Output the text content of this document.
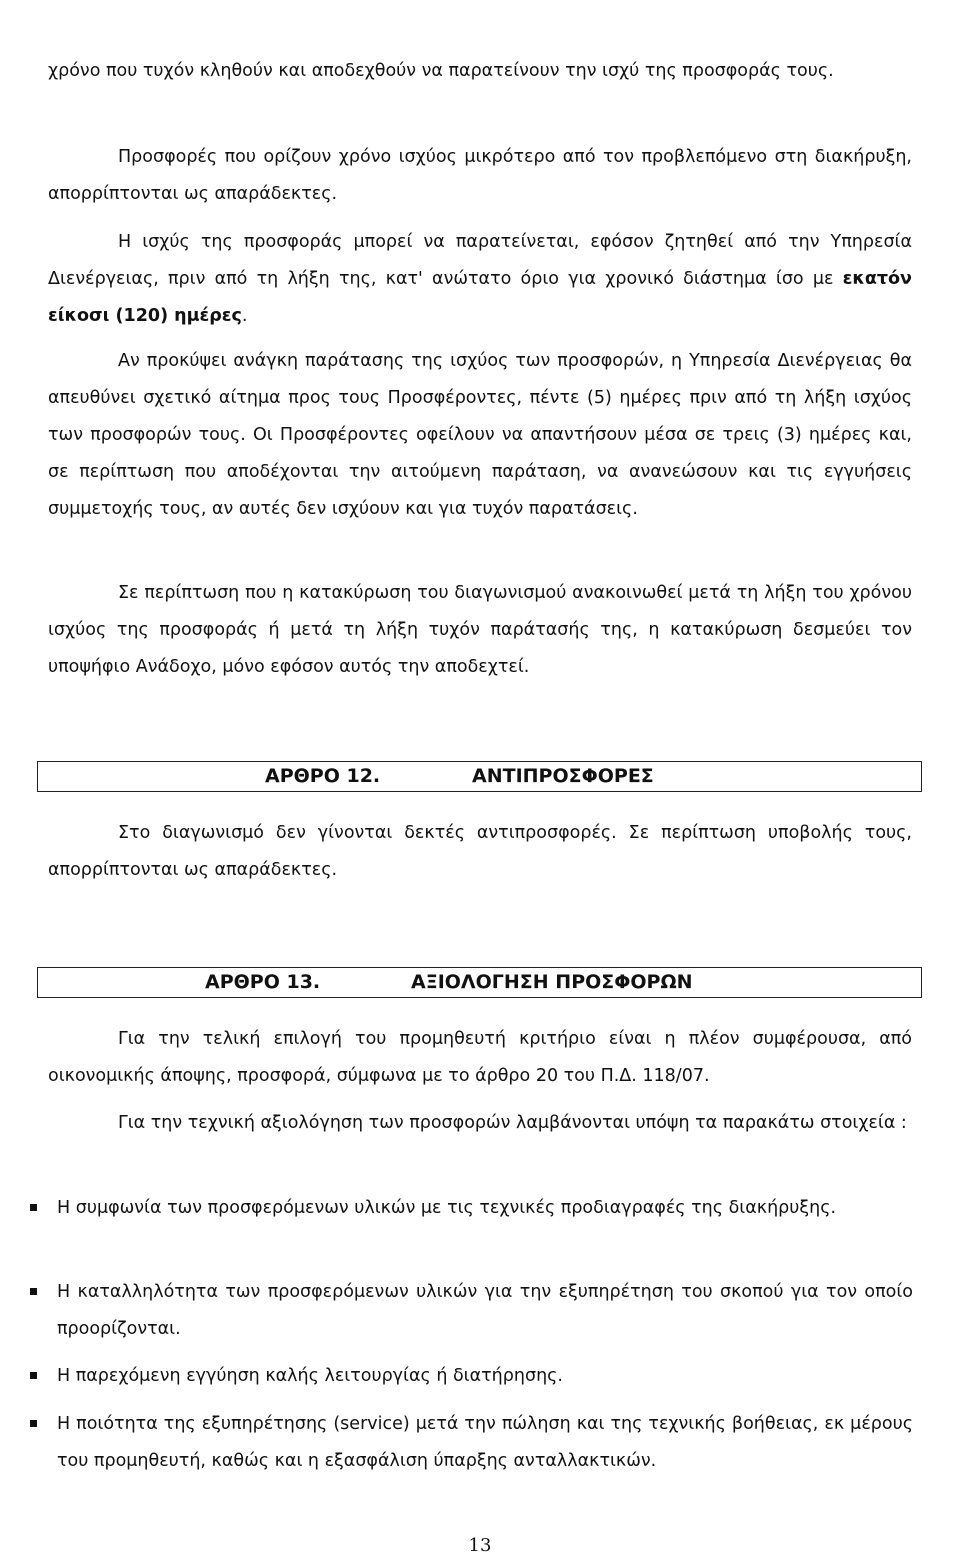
χρόνο που τυχόν κληθούν και αποδεχθούν να παρατείνουν την ισχύ της προσφοράς τους.

Προσφορές που ορίζουν χρόνο ισχύος μικρότερο από τον προβλεπόμενο στη διακήρυξη, απορρίπτονται ως απαράδεκτες.

Η ισχύς της προσφοράς μπορεί να παρατείνεται, εφόσον ζητηθεί από την Υπηρεσία Διενέργειας, πριν από τη λήξη της, κατ' ανώτατο όριο για χρονικό διάστημα ίσο με εκατόν είκοσι (120) ημέρες.

Αν προκύψει ανάγκη παράτασης της ισχύος των προσφορών, η Υπηρεσία Διενέργειας θα απευθύνει σχετικό αίτημα προς τους Προσφέροντες, πέντε (5) ημέρες πριν από τη λήξη ισχύος των προσφορών τους. Οι Προσφέροντες οφείλουν να απαντήσουν μέσα σε τρεις (3) ημέρες και, σε περίπτωση που αποδέχονται την αιτούμενη παράταση, να ανανεώσουν και τις εγγυήσεις συμμετοχής τους, αν αυτές δεν ισχύουν και για τυχόν παρατάσεις.

Σε περίπτωση που η κατακύρωση του διαγωνισμού ανακοινωθεί μετά τη λήξη του χρόνου ισχύος της προσφοράς ή μετά τη λήξη τυχόν παράτασής της, η κατακύρωση δεσμεύει τον υποψήφιο Ανάδοχο, μόνο εφόσον αυτός την αποδεχτεί.

ΑΡΘΡΟ 12.	ΑΝΤΙΠΡΟΣΦΟΡΕΣ

Στο διαγωνισμό δεν γίνονται δεκτές αντιπροσφορές. Σε περίπτωση υποβολής τους, απορρίπτονται ως απαράδεκτες.

ΑΡΘΡΟ 13.	ΑΞΙΟΛΟΓΗΣΗ ΠΡΟΣΦΟΡΩΝ

Για την τελική επιλογή του προμηθευτή κριτήριο είναι η πλέον συμφέρουσα, από οικονομικής άποψης, προσφορά, σύμφωνα με το άρθρο 20 του Π.Δ. 118/07.

Για την τεχνική αξιολόγηση των προσφορών λαμβάνονται υπόψη τα παρακάτω στοιχεία :

Η συμφωνία των προσφερόμενων υλικών με τις τεχνικές προδιαγραφές της διακήρυξης.

Η καταλληλότητα των προσφερόμενων υλικών για την εξυπηρέτηση του σκοπού για τον οποίο προορίζονται.

Η παρεχόμενη εγγύηση καλής λειτουργίας ή διατήρησης.

Η ποιότητα της εξυπηρέτησης (service) μετά την πώληση και της τεχνικής βοήθειας, εκ μέρους του προμηθευτή, καθώς και η εξασφάλιση ύπαρξης ανταλλακτικών.

13
